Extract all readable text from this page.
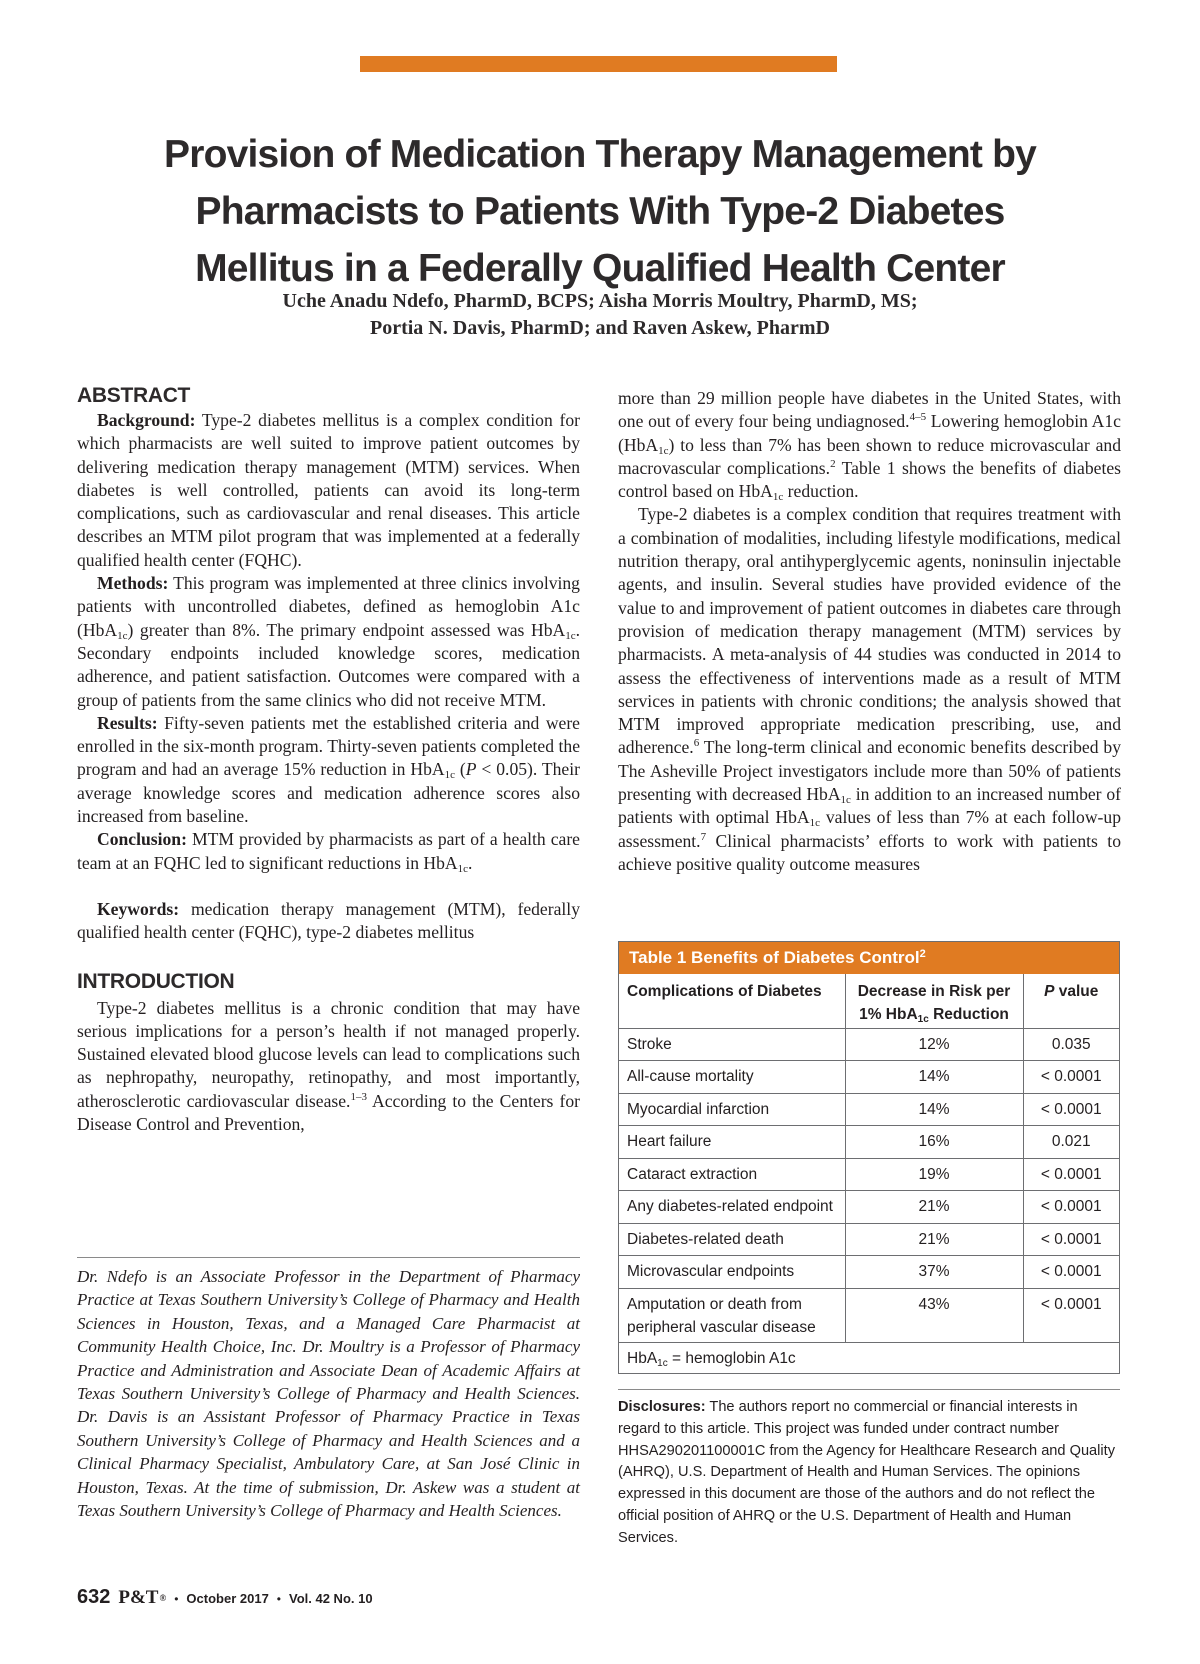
Provision of Medication Therapy Management by
Pharmacists to Patients With Type-2 Diabetes
Mellitus in a Federally Qualified Health Center
Uche Anadu Ndefo, PharmD, BCPS; Aisha Morris Moultry, PharmD, MS;
Portia N. Davis, PharmD; and Raven Askew, PharmD
ABSTRACT

Background: Type-2 diabetes mellitus is a complex condition for which pharmacists are well suited to improve patient outcomes by delivering medication therapy management (MTM) services. When diabetes is well controlled, patients can avoid its long-term complications, such as cardiovascular and renal diseases. This article describes an MTM pilot program that was implemented at a federally qualified health center (FQHC).

Methods: This program was implemented at three clinics involving patients with uncontrolled diabetes, defined as hemoglobin A1c (HbA$_{1c}$) greater than 8%. The primary endpoint assessed was HbA$_{1c}$. Secondary endpoints included knowledge scores, medication adherence, and patient satisfaction. Outcomes were compared with a group of patients from the same clinics who did not receive MTM.

Results: Fifty-seven patients met the established criteria and were enrolled in the six-month program. Thirty-seven patients completed the program and had an average 15% reduction in HbA$_{1c}$ (P < 0.05). Their average knowledge scores and medication adherence scores also increased from baseline.

Conclusion: MTM provided by pharmacists as part of a health care team at an FQHC led to significant reductions in HbA$_{1c}$.

Keywords: medication therapy management (MTM), federally qualified health center (FQHC), type-2 diabetes mellitus

INTRODUCTION

Type-2 diabetes mellitus is a chronic condition that may have serious implications for a person’s health if not managed properly. Sustained elevated blood glucose levels can lead to complications such as nephropathy, neuropathy, retinopathy, and most importantly, atherosclerotic cardiovascular disease.$^{1-3}$ According to the Centers for Disease Control and Prevention,

Dr. Ndefo is an Associate Professor in the Department of Pharmacy Practice at Texas Southern University’s College of Pharmacy and Health Sciences in Houston, Texas, and a Managed Care Pharmacist at Community Health Choice, Inc. Dr. Moultry is a Professor of Pharmacy Practice and Administration and Associate Dean of Academic Affairs at Texas Southern University’s College of Pharmacy and Health Sciences. Dr. Davis is an Assistant Professor of Pharmacy Practice in Texas Southern University’s College of Pharmacy and Health Sciences and a Clinical Pharmacy Specialist, Ambulatory Care, at San José Clinic in Houston, Texas. At the time of submission, Dr. Askew was a student at Texas Southern University’s College of Pharmacy and Health Sciences.

more than 29 million people have diabetes in the United States, with one out of every four being undiagnosed.$^{4-5}$ Lowering hemoglobin A1c (HbA$_{1c}$) to less than 7% has been shown to reduce microvascular and macrovascular complications.$^2$ Table 1 shows the benefits of diabetes control based on HbA$_{1c}$ reduction.

Type-2 diabetes is a complex condition that requires treatment with a combination of modalities, including lifestyle modifications, medical nutrition therapy, oral antihyperglycemic agents, noninsulin injectable agents, and insulin. Several studies have provided evidence of the value to and improvement of patient outcomes in diabetes care through provision of medication therapy management (MTM) services by pharmacists. A meta-analysis of 44 studies was conducted in 2014 to assess the effectiveness of interventions made as a result of MTM services in patients with chronic conditions; the analysis showed that MTM improved appropriate medication prescribing, use, and adherence.$^6$ The long-term clinical and economic benefits described by The Asheville Project investigators include more than 50% of patients presenting with decreased HbA$_{1c}$ in addition to an increased number of patients with optimal HbA$_{1c}$ values of less than 7% at each follow-up assessment.$^7$ Clinical pharmacists’ efforts to work with patients to achieve positive quality outcome measures

Table 1 Benefits of Diabetes Control$^2$
Complications of Diabetes	Decrease in Risk per
1% HbA$_{1c}$ Reduction	P value
Stroke	12%	0.035
All-cause mortality	14%	< 0.0001
Myocardial infarction	14%	< 0.0001
Heart failure	16%	0.021
Cataract extraction	19%	< 0.0001
Any diabetes-related endpoint	21%	< 0.0001
Diabetes-related death	21%	< 0.0001
Microvascular endpoints	37%	< 0.0001
Amputation or death from peripheral vascular disease	43%	< 0.0001
HbA$_{1c}$ = hemoglobin A1c
Disclosures: The authors report no commercial or financial interests in regard to this article. This project was funded under contract number HHSA290201100001C from the Agency for Healthcare Research and Quality (AHRQ), U.S. Department of Health and Human Services. The opinions expressed in this document are those of the authors and do not reflect the official position of AHRQ or the U.S. Department of Health and Human Services.
632 P&T® • October 2017 • Vol. 42 No. 10
